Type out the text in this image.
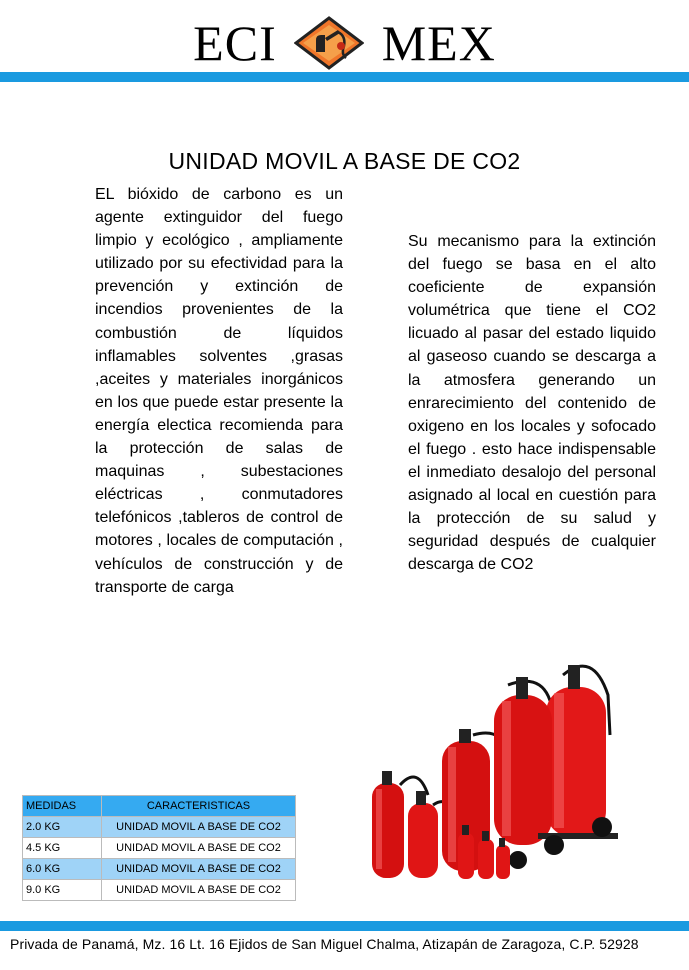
ECI MEX
UNIDAD MOVIL A BASE DE CO2
EL bióxido de carbono es un agente extinguidor del fuego limpio y ecológico , ampliamente utilizado por su efectividad para la prevención y extinción de incendios provenientes de la combustión de líquidos inflamables solventes ,grasas ,aceites y materiales inorgánicos en los que puede estar presente la energía electica recomienda para la protección de salas de maquinas , subestaciones eléctricas , conmutadores telefónicos ,tableros de control de motores , locales de computación , vehículos de construcción y de transporte de carga
Su mecanismo para la extinción del fuego se basa en el alto coeficiente de expansión volumétrica que tiene el CO2 licuado al pasar del estado liquido al gaseoso cuando se descarga a la atmosfera generando un enrarecimiento del contenido de oxigeno en los locales y sofocado el fuego . esto hace indispensable el inmediato desalojo del personal asignado al local en cuestión para la protección de su salud y seguridad después de cualquier descarga de CO2
MEDIDAS	CARACTERISTICAS
2.0 KG	UNIDAD MOVIL A BASE DE CO2
4.5 KG	UNIDAD MOVIL A BASE DE CO2
6.0 KG	UNIDAD MOVIL A BASE DE CO2
9.0 KG	UNIDAD MOVIL A BASE DE CO2
Privada de Panamá, Mz. 16 Lt. 16 Ejidos de San Miguel Chalma, Atizapán de Zaragoza, C.P. 52928
